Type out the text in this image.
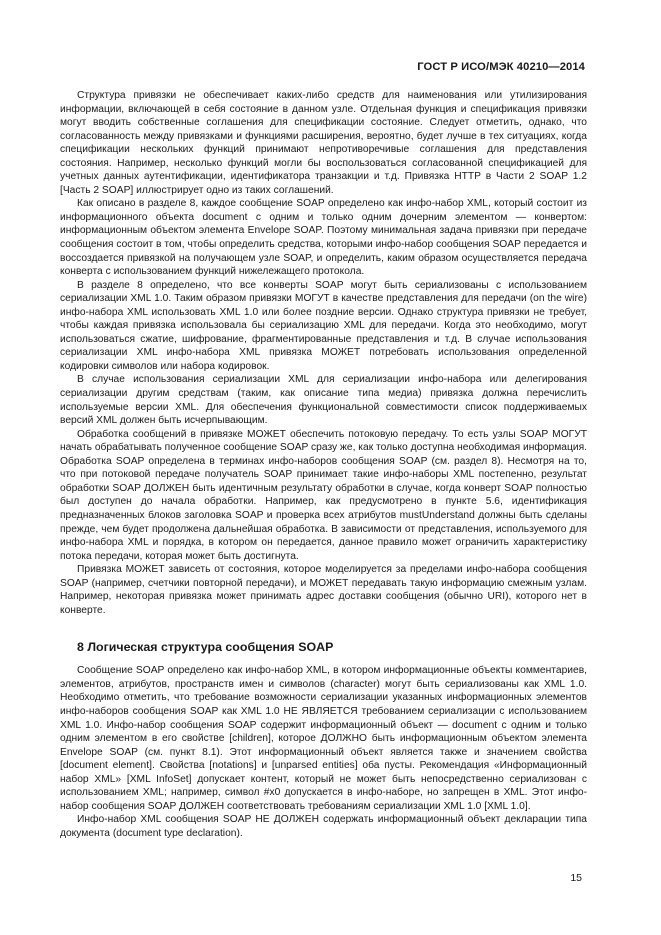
ГОСТ Р ИСО/МЭК 40210—2014

Структура привязки не обеспечивает каких-либо средств для наименования или утилизирования информации, включающей в себя состояние в данном узле. Отдельная функция и спецификация привязки могут вводить собственные соглашения для спецификации состояние. Следует отметить, однако, что согласованность между привязками и функциями расширения, вероятно, будет лучше в тех ситуациях, когда спецификации нескольких функций принимают непротиворечивые соглашения для представления состояния. Например, несколько функций могли бы воспользоваться согласованной спецификацией для учетных данных аутентификации, идентификатора транзакции и т.д. Привязка HTTP в Части 2 SOAP 1.2 [Часть 2 SOAP] иллюстрирует одно из таких соглашений.

Как описано в разделе 8, каждое сообщение SOAP определено как инфо-набор XML, который состоит из информационного объекта document с одним и только одним дочерним элементом — конвертом: информационным объектом элемента Envelope SOAP. Поэтому минимальная задача привязки при передаче сообщения состоит в том, чтобы определить средства, которыми инфо-набор сообщения SOAP передается и воссоздается привязкой на получающем узле SOAP, и определить, каким образом осуществляется передача конверта с использованием функций нижележащего протокола.

В разделе 8 определено, что все конверты SOAP могут быть сериализованы с использованием сериализации XML 1.0. Таким образом привязки МОГУТ в качестве представления для передачи (on the wire) инфо-набора XML использовать XML 1.0 или более поздние версии. Однако структура привязки не требует, чтобы каждая привязка использовала бы сериализацию XML для передачи. Когда это необходимо, могут использоваться сжатие, шифрование, фрагментированные представления и т.д. В случае использования сериализации XML инфо-набора XML привязка МОЖЕТ потребовать использования определенной кодировки символов или набора кодировок.

В случае использования сериализации XML для сериализации инфо-набора или делегирования сериализации другим средствам (таким, как описание типа медиа) привязка должна перечислить используемые версии XML. Для обеспечения функциональной совместимости список поддерживаемых версий XML должен быть исчерпывающим.

Обработка сообщений в привязке МОЖЕТ обеспечить потоковую передачу. То есть узлы SOAP МОГУТ начать обрабатывать полученное сообщение SOAP сразу же, как только доступна необходимая информация. Обработка SOAP определена в терминах инфо-наборов сообщения SOAP (см. раздел 8). Несмотря на то, что при потоковой передаче получатель SOAP принимает такие инфо-наборы XML постепенно, результат обработки SOAP ДОЛЖЕН быть идентичным результату обработки в случае, когда конверт SOAP полностью был доступен до начала обработки. Например, как предусмотрено в пункте 5.6, идентификация предназначенных блоков заголовка SOAP и проверка всех атрибутов mustUnderstand должны быть сделаны прежде, чем будет продолжена дальнейшая обработка. В зависимости от представления, используемого для инфо-набора XML и порядка, в котором он передается, данное правило может ограничить характеристику потока передачи, которая может быть достигнута.

Привязка МОЖЕТ зависеть от состояния, которое моделируется за пределами инфо-набора сообщения SOAP (например, счетчики повторной передачи), и МОЖЕТ передавать такую информацию смежным узлам. Например, некоторая привязка может принимать адрес доставки сообщения (обычно URI), которого нет в конверте.

8 Логическая структура сообщения SOAP

Сообщение SOAP определено как инфо-набор XML, в котором информационные объекты комментариев, элементов, атрибутов, пространств имен и символов (character) могут быть сериализованы как XML 1.0. Необходимо отметить, что требование возможности сериализации указанных информационных элементов инфо-наборов сообщения SOAP как XML 1.0 НЕ ЯВЛЯЕТСЯ требованием сериализации с использованием XML 1.0. Инфо-набор сообщения SOAP содержит информационный объект — document с одним и только одним элементом в его свойстве [children], которое ДОЛЖНО быть информационным объектом элемента Envelope SOAP (см. пункт 8.1). Этот информационный объект является также и значением свойства [document element]. Свойства [notations] и [unparsed entities] оба пусты. Рекомендация «Информационный набор XML» [XML InfoSet] допускает контент, который не может быть непосредственно сериализован с использованием XML; например, символ #x0 допускается в инфо-наборе, но запрещен в XML. Этот инфо-набор сообщения SOAP ДОЛЖЕН соответствовать требованиям сериализации XML 1.0 [XML 1.0].

Инфо-набор XML сообщения SOAP НЕ ДОЛЖЕН содержать информационный объект декларации типа документа (document type declaration).

15
